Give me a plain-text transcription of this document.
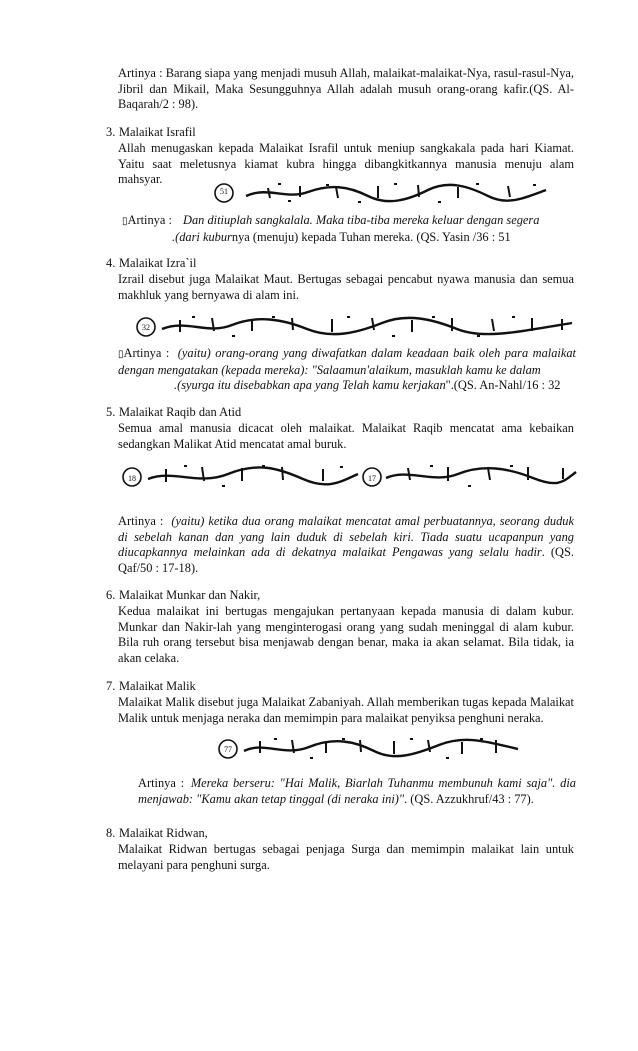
Artinya : Barang siapa yang menjadi musuh Allah, malaikat-malaikat-Nya, rasul-rasul-Nya, Jibril dan Mikail, Maka Sesungguhnya Allah adalah musuh orang-orang kafir.(QS. Al-Baqarah/2 : 98).

3. Malaikat Israfil

Allah menugaskan kepada Malaikat Israfil untuk meniup sangkakala pada hari Kiamat. Yaitu saat meletusnya kiamat kubra hingga dibangkitkannya manusia menuju alam mahsyar.

51
▯Artinya : Dan ditiuplah sangkalala. Maka tiba-tiba mereka keluar dengan segera
.(dari kuburnya (menuju) kepada Tuhan mereka. (QS. Yasin /36 : 51
4. Malaikat Izra`il

Izrail disebut juga Malaikat Maut. Bertugas sebagai pencabut nyawa manusia dan semua makhluk yang bernyawa di alam ini.

32
▯Artinya : (yaitu) orang-orang yang diwafatkan dalam keadaan baik oleh para malaikat dengan mengatakan (kepada mereka): "Salaamun'alaikum, masuklah kamu ke dalam
.(syurga itu disebabkan apa yang Telah kamu kerjakan".(QS. An-Nahl/16 : 32
5. Malaikat Raqib dan Atid

Semua amal manusia dicacat oleh malaikat. Malaikat Raqib mencatat ama kebaikan sedangkan Malikat Atid mencatat amal buruk.

18	17

Artinya : (yaitu) ketika dua orang malaikat mencatat amal perbuatannya, seorang duduk di sebelah kanan dan yang lain duduk di sebelah kiri. Tiada suatu ucapanpun yang diucapkannya melainkan ada di dekatnya malaikat Pengawas yang selalu hadir. (QS. Qaf/50 : 17-18).

6. Malaikat Munkar dan Nakir,

Kedua malaikat ini bertugas mengajukan pertanyaan kepada manusia di dalam kubur. Munkar dan Nakir-lah yang menginterogasi orang yang sudah meninggal di alam kubur. Bila ruh orang tersebut bisa menjawab dengan benar, maka ia akan selamat. Bila tidak, ia akan celaka.

7. Malaikat Malik

Malaikat Malik disebut juga Malaikat Zabaniyah. Allah memberikan tugas kepada Malaikat Malik untuk menjaga neraka dan memimpin para malaikat penyiksa penghuni neraka.

77

Artinya : Mereka berseru: "Hai Malik, Biarlah Tuhanmu membunuh kami saja". dia menjawab: "Kamu akan tetap tinggal (di neraka ini)". (QS. Azzukhruf/43 : 77).

8. Malaikat Ridwan,

Malaikat Ridwan bertugas sebagai penjaga Surga dan memimpin malaikat lain untuk melayani para penghuni surga.
